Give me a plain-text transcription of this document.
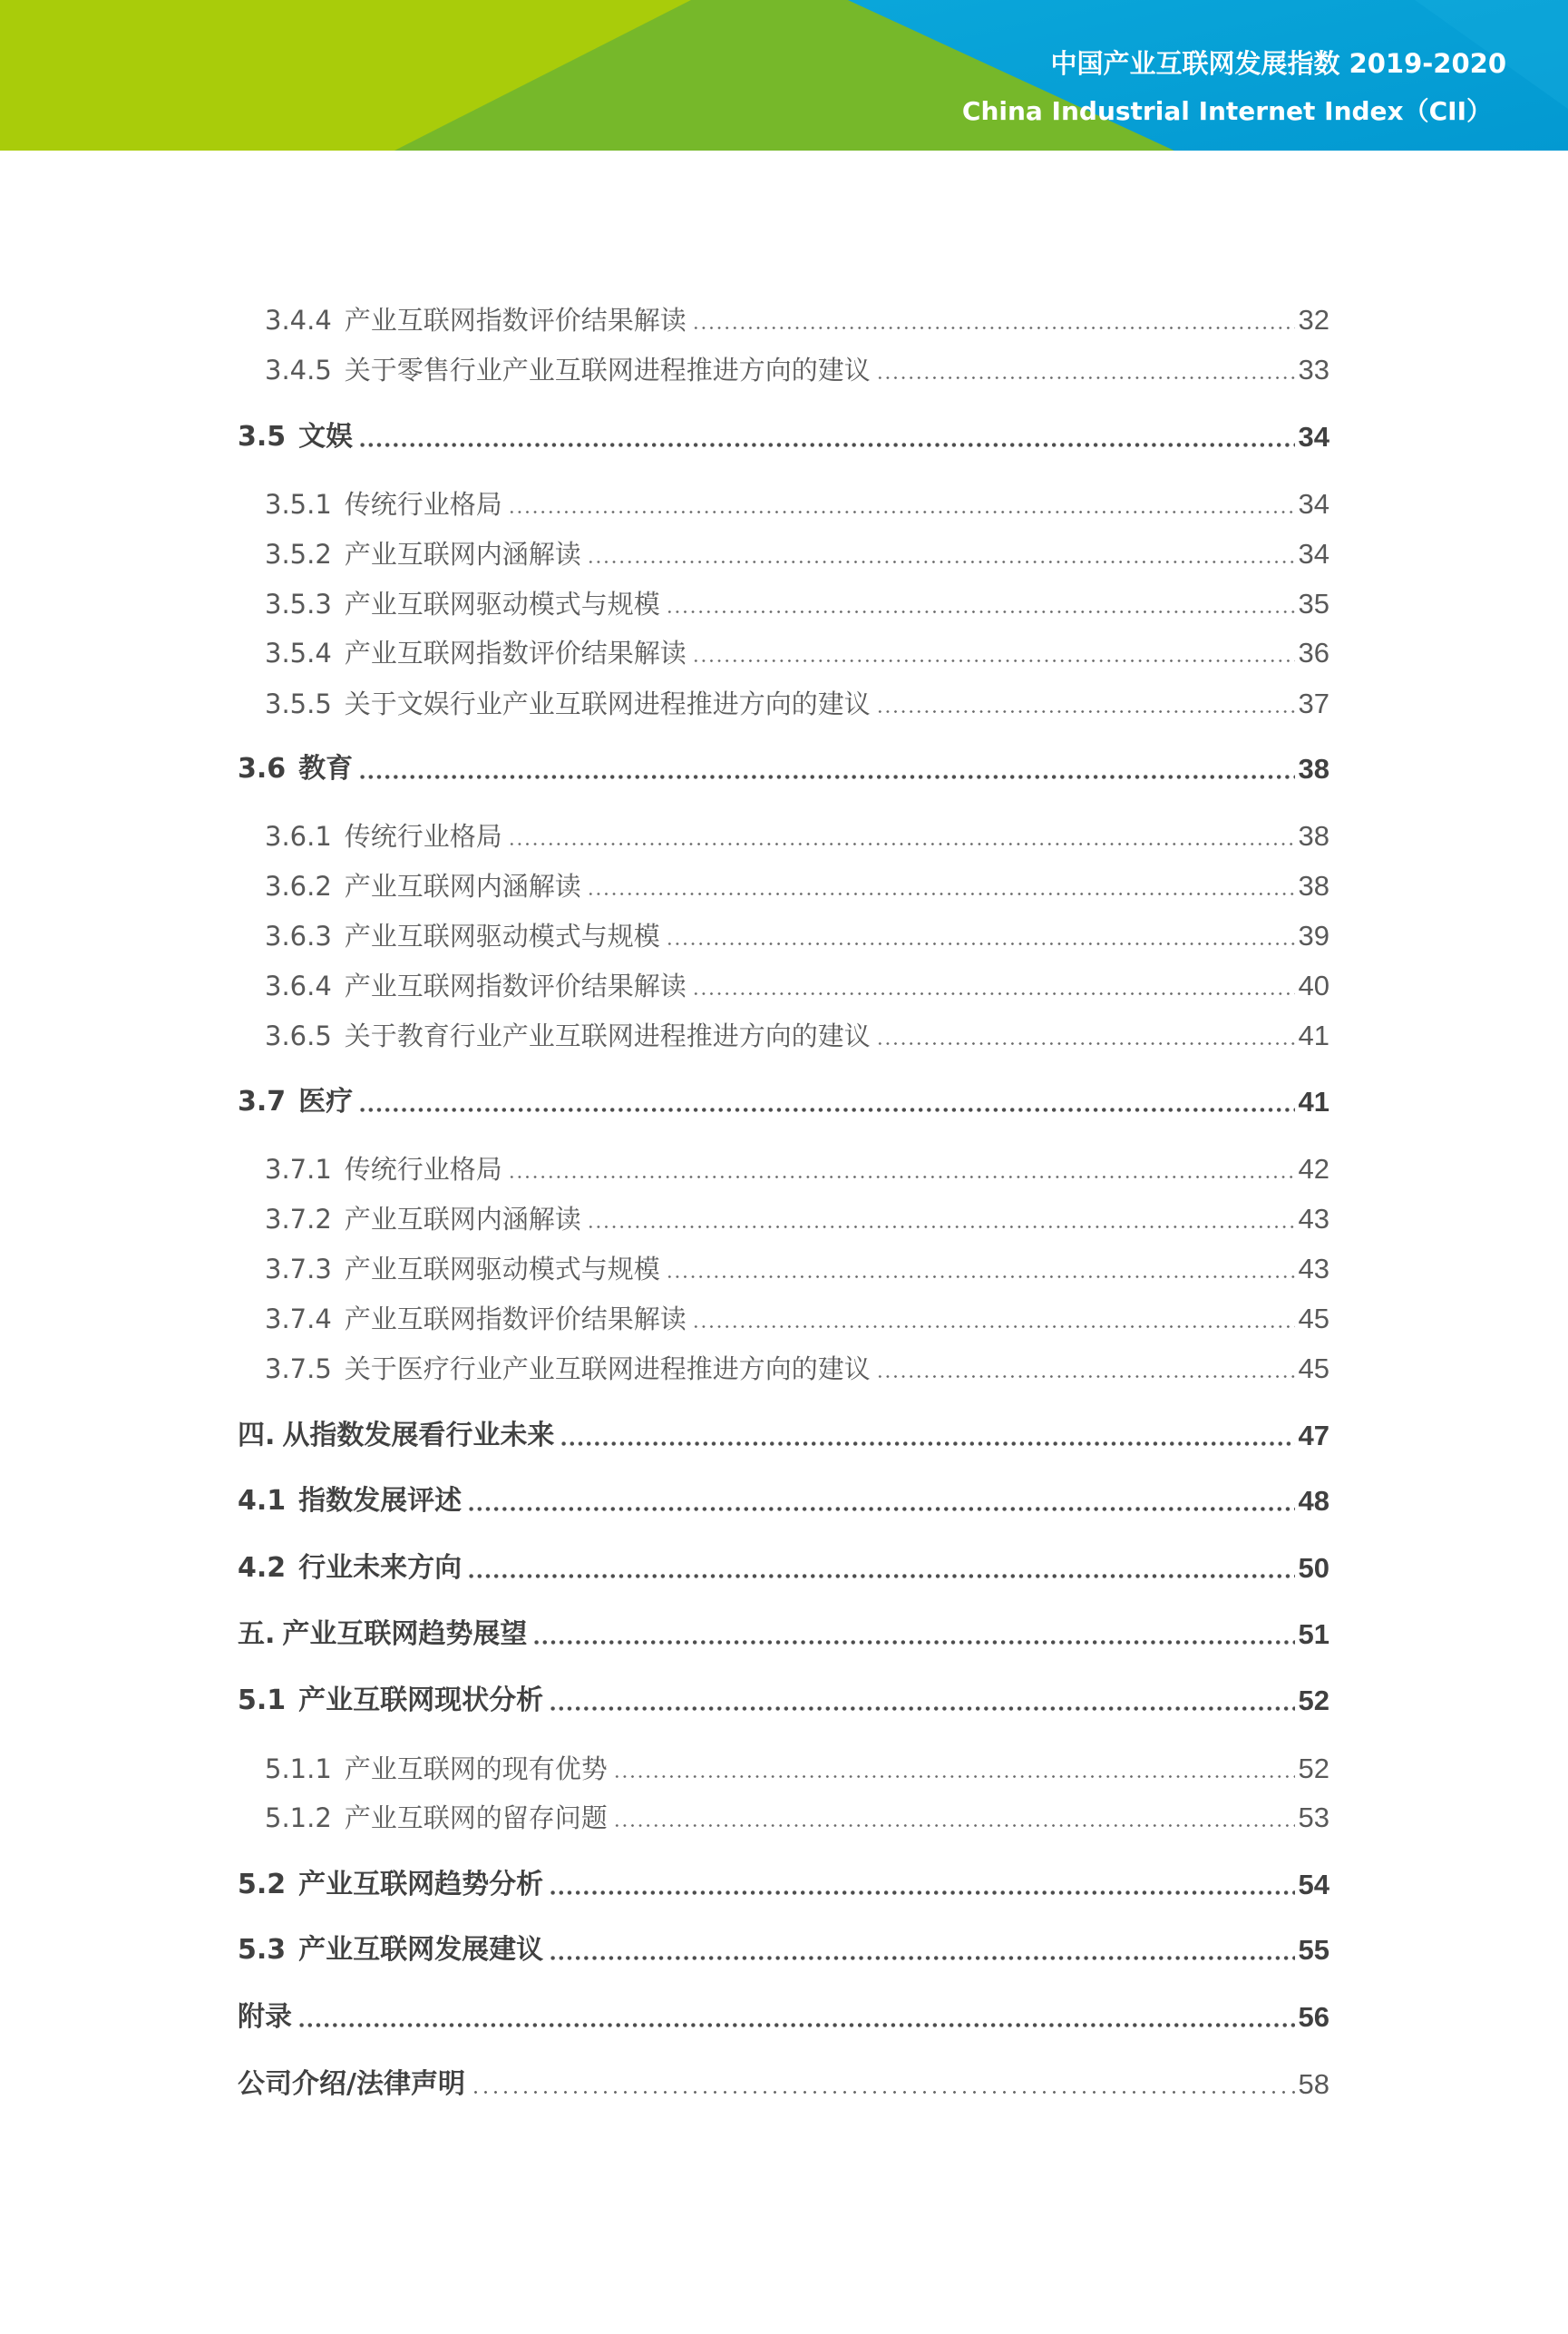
中国产业互联网发展指数 2019-2020
China Industrial Internet Index（CII）
3.4.4 产业互联网指数评价结果解读	32
3.4.5 关于零售行业产业互联网进程推进方向的建议	33
3.5 文娱	34
3.5.1 传统行业格局	34
3.5.2 产业互联网内涵解读	34
3.5.3 产业互联网驱动模式与规模	35
3.5.4 产业互联网指数评价结果解读	36
3.5.5 关于文娱行业产业互联网进程推进方向的建议	37
3.6 教育	38
3.6.1 传统行业格局	38
3.6.2 产业互联网内涵解读	38
3.6.3 产业互联网驱动模式与规模	39
3.6.4 产业互联网指数评价结果解读	40
3.6.5 关于教育行业产业互联网进程推进方向的建议	41
3.7 医疗	41
3.7.1 传统行业格局	42
3.7.2 产业互联网内涵解读	43
3.7.3 产业互联网驱动模式与规模	43
3.7.4 产业互联网指数评价结果解读	45
3.7.5 关于医疗行业产业互联网进程推进方向的建议	45
四. 从指数发展看行业未来	47
4.1 指数发展评述	48
4.2 行业未来方向	50
五. 产业互联网趋势展望	51
5.1 产业互联网现状分析	52
5.1.1 产业互联网的现有优势	52
5.1.2 产业互联网的留存问题	53
5.2 产业互联网趋势分析	54
5.3 产业互联网发展建议	55
附录	56
公司介绍/法律声明	58
